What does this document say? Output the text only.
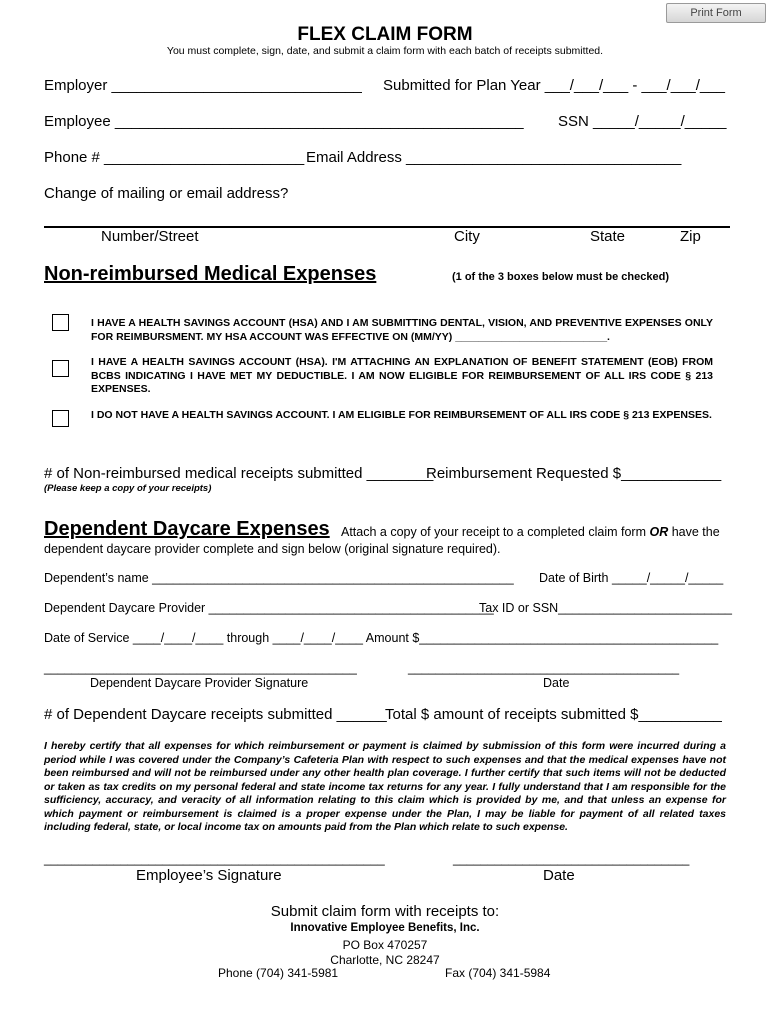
Print Form
FLEX CLAIM FORM
You must complete, sign, date, and submit a claim form with each batch of receipts submitted.
Employer ______________________________ Submitted for Plan Year ___/___/___ - ___/___/___
Employee _________________________________________________ SSN _____/_____/_____
Phone # ________________________ Email Address _________________________________
Change of mailing or email address?
Number/Street	City	State	Zip
Non-reimbursed Medical Expenses	(1 of the 3 boxes below must be checked)
I HAVE A HEALTH SAVINGS ACCOUNT (HSA) AND I AM SUBMITTING DENTAL, VISION, AND PREVENTIVE EXPENSES ONLY FOR REIMBURSMENT. MY HSA ACCOUNT WAS EFFECTIVE ON (MM/YY) __________________________.
I HAVE A HEALTH SAVINGS ACCOUNT (HSA). I'M ATTACHING AN EXPLANATION OF BENEFIT STATEMENT (EOB) FROM BCBS INDICATING I HAVE MET MY DEDUCTIBLE. I AM NOW ELIGIBLE FOR REIMBURSEMENT OF ALL IRS CODE § 213 EXPENSES.
I DO NOT HAVE A HEALTH SAVINGS ACCOUNT. I AM ELIGIBLE FOR REIMBURSEMENT OF ALL IRS CODE § 213 EXPENSES.
# of Non-reimbursed medical receipts submitted ________
Reimbursement Requested $____________
(Please keep a copy of your receipts)
Dependent Daycare Expenses Attach a copy of your receipt to a completed claim form OR have the
dependent daycare provider complete and sign below (original signature required).
Dependent’s name ____________________________________________________ Date of Birth _____/_____/_____
Dependent Daycare Provider _________________________________________
Tax ID or SSN_________________________
Date of Service ____/____/____ through ____/____/____ Amount $___________________________________________
_____________________________________________	_______________________________________
Dependent Daycare Provider Signature	Date
# of Dependent Daycare receipts submitted ______
Total $ amount of receipts submitted $__________
I hereby certify that all expenses for which reimbursement or payment is claimed by submission of this form were incurred during a period while I was covered under the Company’s Cafeteria Plan with respect to such expenses and that the medical expenses have not been reimbursed and will not be reimbursed under any other health plan coverage. I further certify that such items will not be deducted or taken as tax credits on my personal federal and state income tax returns for any year. I fully understand that I am responsible for the sufficiency, accuracy, and veracity of all information relating to this claim which is provided by me, and that unless an expense for which payment or reimbursement is claimed is a proper expense under the Plan, I may be liable for payment of all related taxes including federal, state, or local income tax on amounts paid from the Plan which relate to such expense.
_________________________________________________	__________________________________
Employee’s Signature	Date
Submit claim form with receipts to:
Innovative Employee Benefits, Inc.
PO Box 470257
Charlotte, NC 28247
Phone (704) 341-5981	Fax (704) 341-5984
